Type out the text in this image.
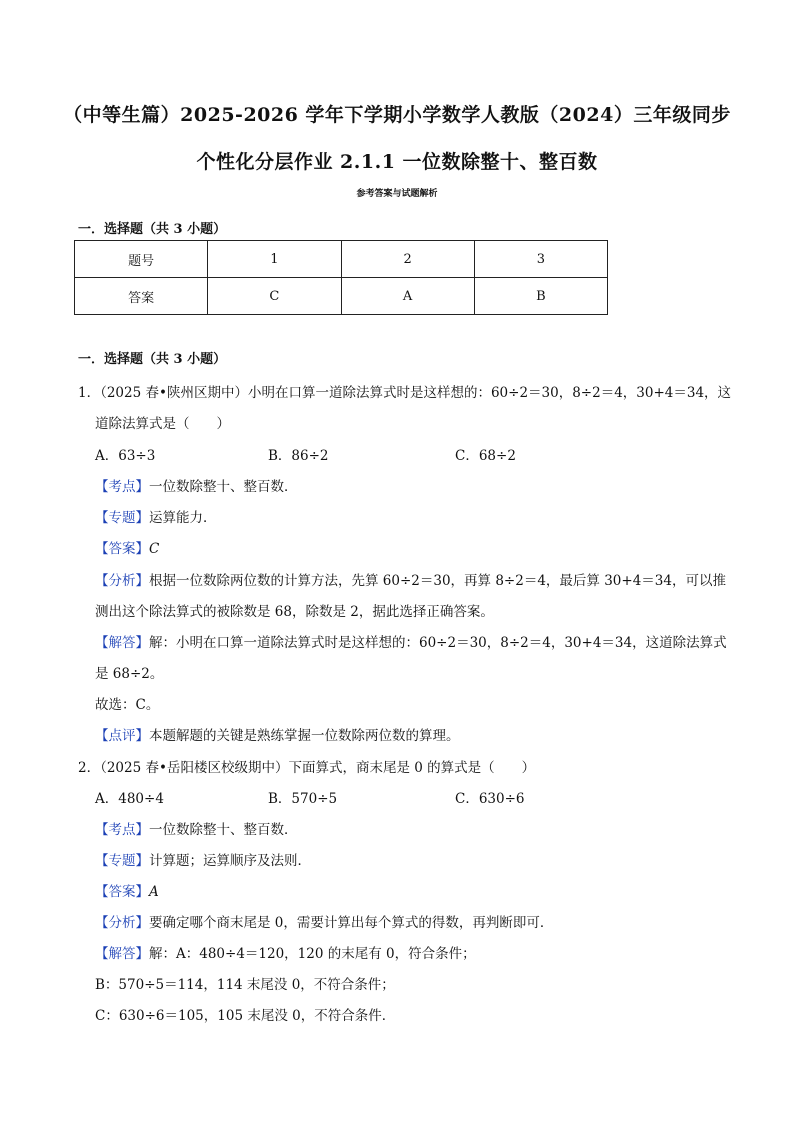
（中等生篇）2025-2026 学年下学期小学数学人教版（2024）三年级同步
个性化分层作业 2.1.1 一位数除整十、整百数
参考答案与试题解析
一．选择题（共 3 小题）
题号	1	2	3
答案	C	A	B
一．选择题（共 3 小题）
1．（2025 春•陕州区期中）小明在口算一道除法算式时是这样想的：60÷2＝30，8÷2＝4，30+4＝34，这
道除法算式是（　　）
A．63÷3	B．86÷2	C．68÷2
【考点】一位数除整十、整百数．
【专题】运算能力．
【答案】C
【分析】根据一位数除两位数的计算方法，先算 60÷2＝30，再算 8÷2＝4，最后算 30+4＝34，可以推
测出这个除法算式的被除数是 68，除数是 2，据此选择正确答案。
【解答】解：小明在口算一道除法算式时是这样想的：60÷2＝30，8÷2＝4，30+4＝34，这道除法算式
是 68÷2。
故选：C。
【点评】本题解题的关键是熟练掌握一位数除两位数的算理。
2．（2025 春•岳阳楼区校级期中）下面算式，商末尾是 0 的算式是（　　）
A．480÷4	B．570÷5	C．630÷6
【考点】一位数除整十、整百数．
【专题】计算题；运算顺序及法则．
【答案】A
【分析】要确定哪个商末尾是 0，需要计算出每个算式的得数，再判断即可．
【解答】解：A：480÷4＝120，120 的末尾有 0，符合条件；
B：570÷5＝114，114 末尾没 0，不符合条件；
C：630÷6＝105，105 末尾没 0，不符合条件．
